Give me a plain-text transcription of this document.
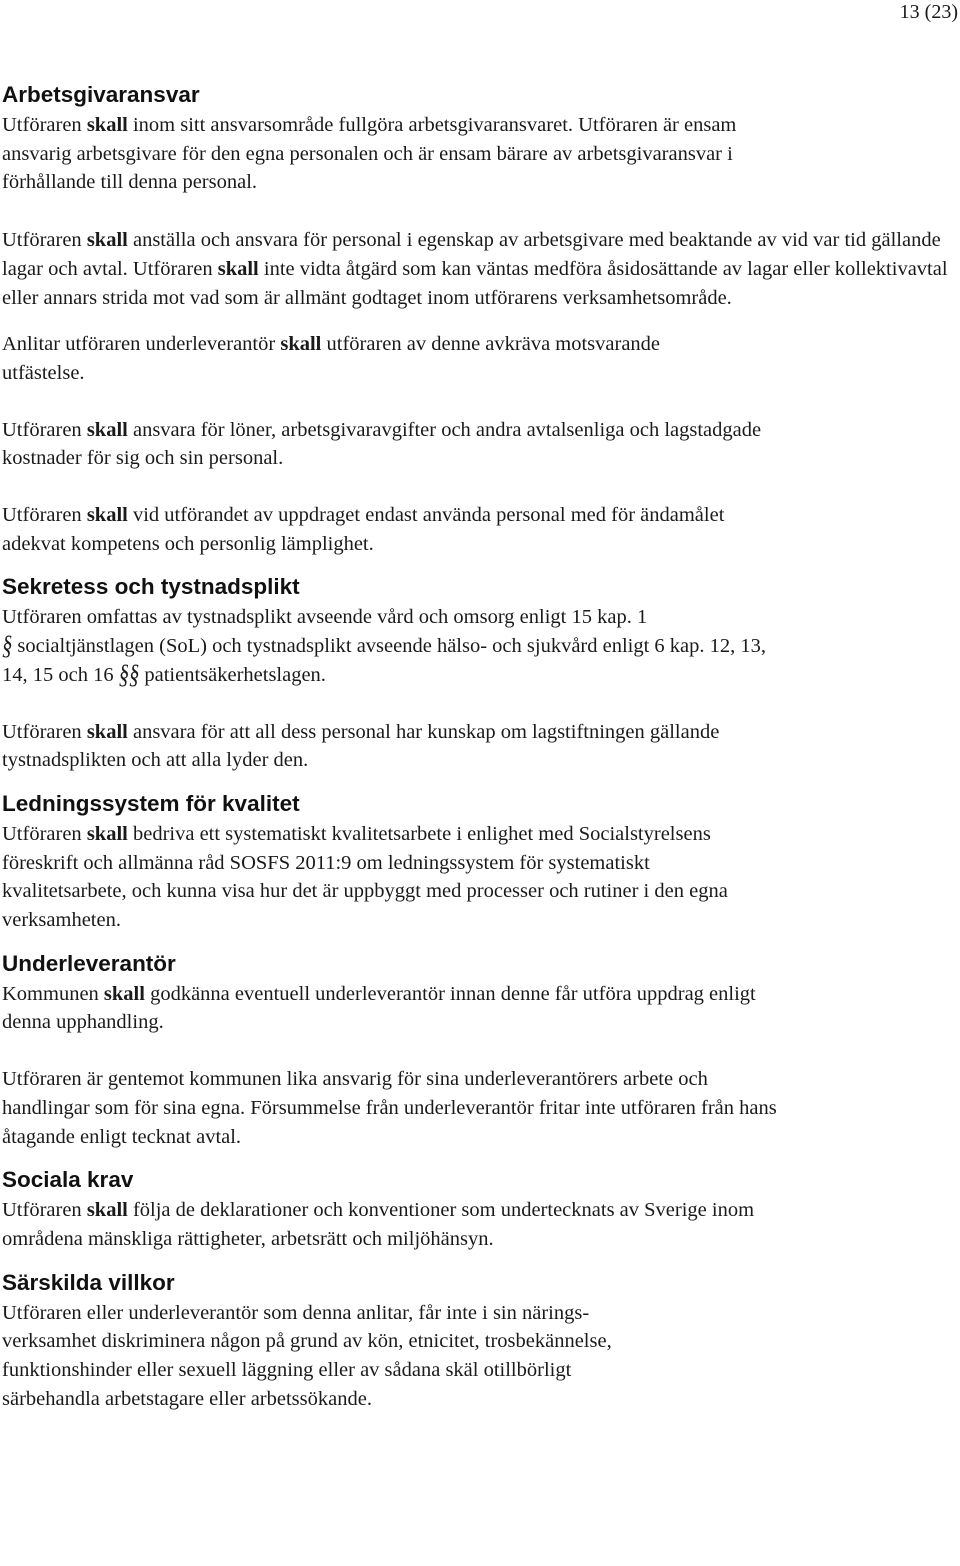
13 (23)
Arbetsgivaransvar

Utföraren skall inom sitt ansvarsområde fullgöra arbetsgivaransvaret. Utföraren är ensam ansvarig arbetsgivare för den egna personalen och är ensam bärare av arbetsgivaransvar i förhållande till denna personal.

Utföraren skall anställa och ansvara för personal i egenskap av arbetsgivare med beaktande av vid var tid gällande lagar och avtal. Utföraren skall inte vidta åtgärd som kan väntas medföra åsidosättande av lagar eller kollektivavtal eller annars strida mot vad som är allmänt godtaget inom utförarens verksamhetsområde.

Anlitar utföraren underleverantör skall utföraren av denne avkräva motsvarande utfästelse.

Utföraren skall ansvara för löner, arbetsgivaravgifter och andra avtalsenliga och lagstadgade kostnader för sig och sin personal.

Utföraren skall vid utförandet av uppdraget endast använda personal med för ändamålet adekvat kompetens och personlig lämplighet.

Sekretess och tystnadsplikt

Utföraren omfattas av tystnadsplikt avseende vård och omsorg enligt 15 kap. 1
§ socialtjänstlagen (SoL) och tystnadsplikt avseende hälso- och sjukvård enligt 6 kap. 12, 13, 14, 15 och 16 §§ patientsäkerhetslagen.

Utföraren skall ansvara för att all dess personal har kunskap om lagstiftningen gällande tystnadsplikten och att alla lyder den.

Ledningssystem för kvalitet

Utföraren skall bedriva ett systematiskt kvalitetsarbete i enlighet med Socialstyrelsens föreskrift och allmänna råd SOSFS 2011:9 om ledningssystem för systematiskt kvalitetsarbete, och kunna visa hur det är uppbyggt med processer och rutiner i den egna verksamheten.

Underleverantör

Kommunen skall godkänna eventuell underleverantör innan denne får utföra uppdrag enligt denna upphandling.

Utföraren är gentemot kommunen lika ansvarig för sina underleverantörers arbete och handlingar som för sina egna. Försummelse från underleverantör fritar inte utföraren från hans åtagande enligt tecknat avtal.

Sociala krav

Utföraren skall följa de deklarationer och konventioner som undertecknats av Sverige inom områdena mänskliga rättigheter, arbetsrätt och miljöhänsyn.

Särskilda villkor

Utföraren eller underleverantör som denna anlitar, får inte i sin närings-
verksamhet diskriminera någon på grund av kön, etnicitet, trosbekännelse,
funktionshinder eller sexuell läggning eller av sådana skäl otillbörligt
särbehandla arbetstagare eller arbetssökande.
